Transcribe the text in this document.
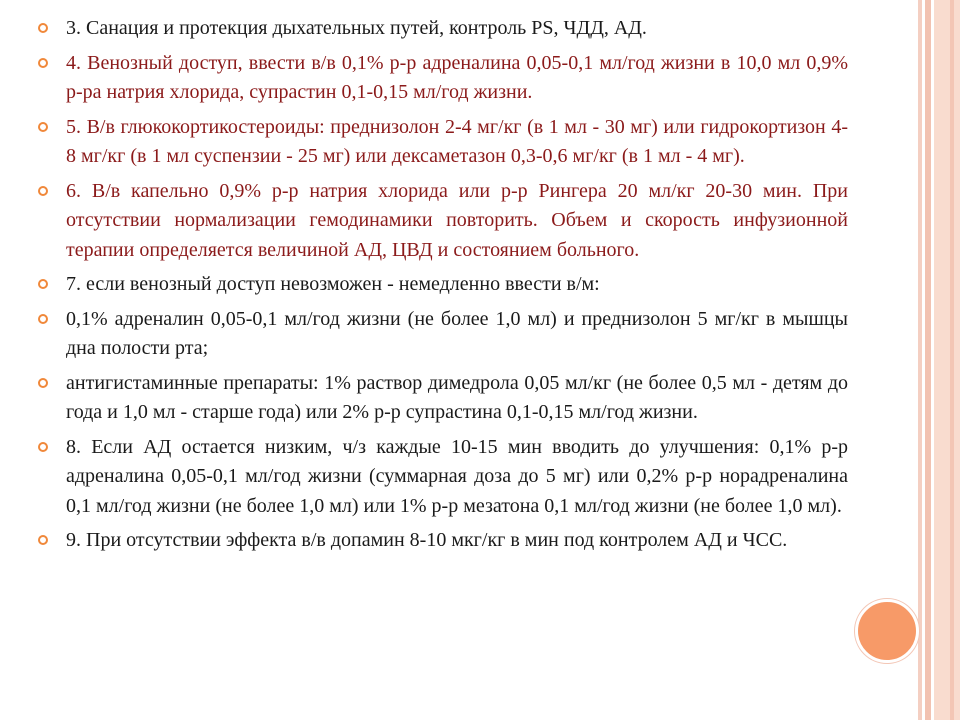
3. Санация и протекция дыхательных путей, контроль PS, ЧДД, АД.
4. Венозный доступ, ввести в/в 0,1% р-р адреналина 0,05-0,1 мл/год жизни в 10,0 мл 0,9% р-ра натрия хлорида, супрастин 0,1-0,15 мл/год жизни.
5. В/в глюкокортикостероиды: преднизолон 2-4 мг/кг (в 1 мл - 30 мг) или гидрокортизон 4-8 мг/кг (в 1 мл суспензии - 25 мг) или дексаметазон 0,3-0,6 мг/кг (в 1 мл - 4 мг).
6. В/в капельно 0,9% р-р натрия хлорида или р-р Рингера 20 мл/кг 20-30 мин. При отсутствии нормализации гемодинамики повторить. Объем и скорость инфузионной терапии определяется величиной АД, ЦВД и состоянием больного.
7. если венозный доступ невозможен - немедленно ввести в/м:
0,1% адреналин 0,05-0,1 мл/год жизни (не более 1,0 мл) и преднизолон 5 мг/кг в мышцы дна полости рта;
антигистаминные препараты: 1% раствор димедрола 0,05 мл/кг (не более 0,5 мл - детям до года и 1,0 мл - старше года) или 2% р-р супрастина 0,1-0,15 мл/год жизни.
8. Если АД остается низким, ч/з каждые 10-15 мин вводить до улучшения: 0,1% р-р адреналина 0,05-0,1 мл/год жизни (суммарная доза до 5 мг) или 0,2% р-р норадреналина 0,1 мл/год жизни (не более 1,0 мл) или 1% р-р мезатона 0,1 мл/год жизни (не более 1,0 мл).
9. При отсутствии эффекта в/в допамин 8-10 мкг/кг в мин под контролем АД и ЧСС.
